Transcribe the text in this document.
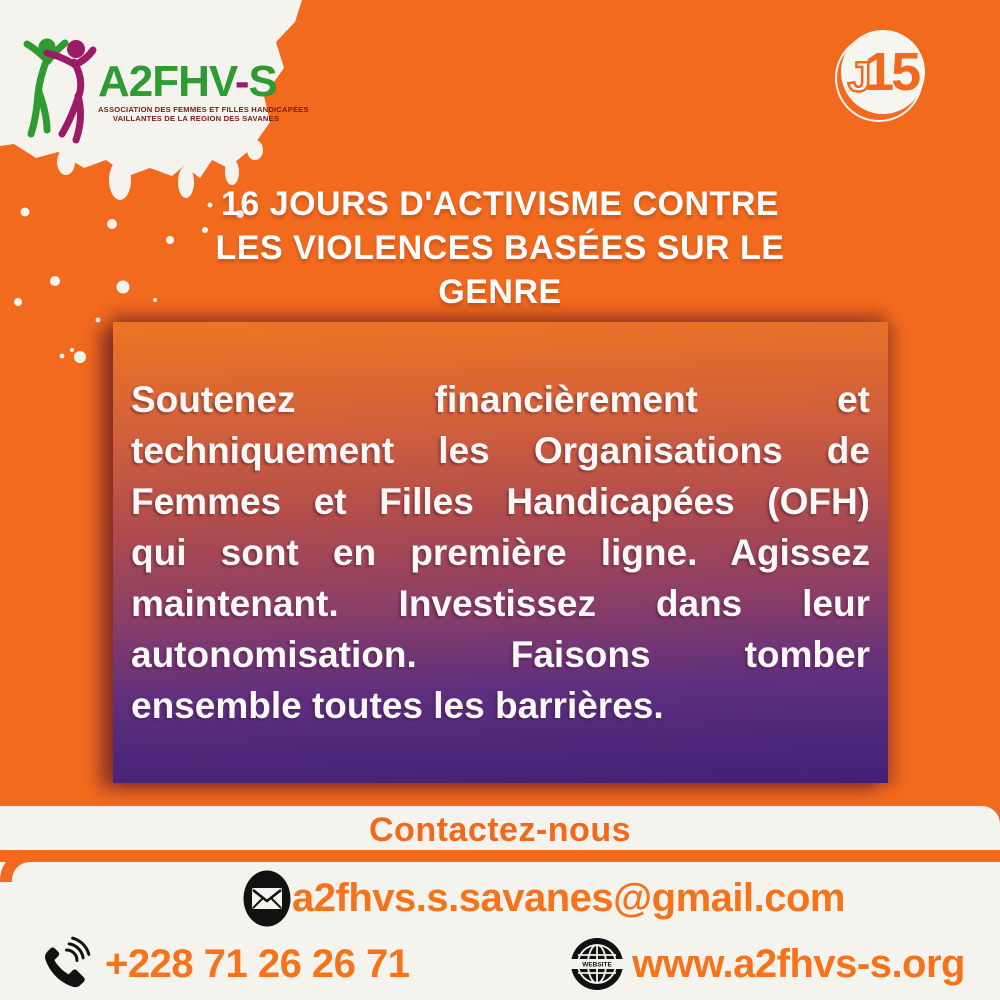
A2FHV-S
ASSOCIATION DES FEMMES ET FILLES HANDICAPÉES
VAILLANTES DE LA REGION DES SAVANES
J
15
16 JOURS D'ACTIVISME CONTRE
LES VIOLENCES BASÉES SUR LE
GENRE
Soutenez financièrement et
techniquement les Organisations de
Femmes et Filles Handicapées (OFH)
qui sont en première ligne. Agissez
maintenant. Investissez dans leur
autonomisation. Faisons tomber
ensemble toutes les barrières.
Contactez-nous
a2fhvs.s.savanes@gmail.com
+228 71 26 26 71	WEBSITE www.a2fhvs-s.org
